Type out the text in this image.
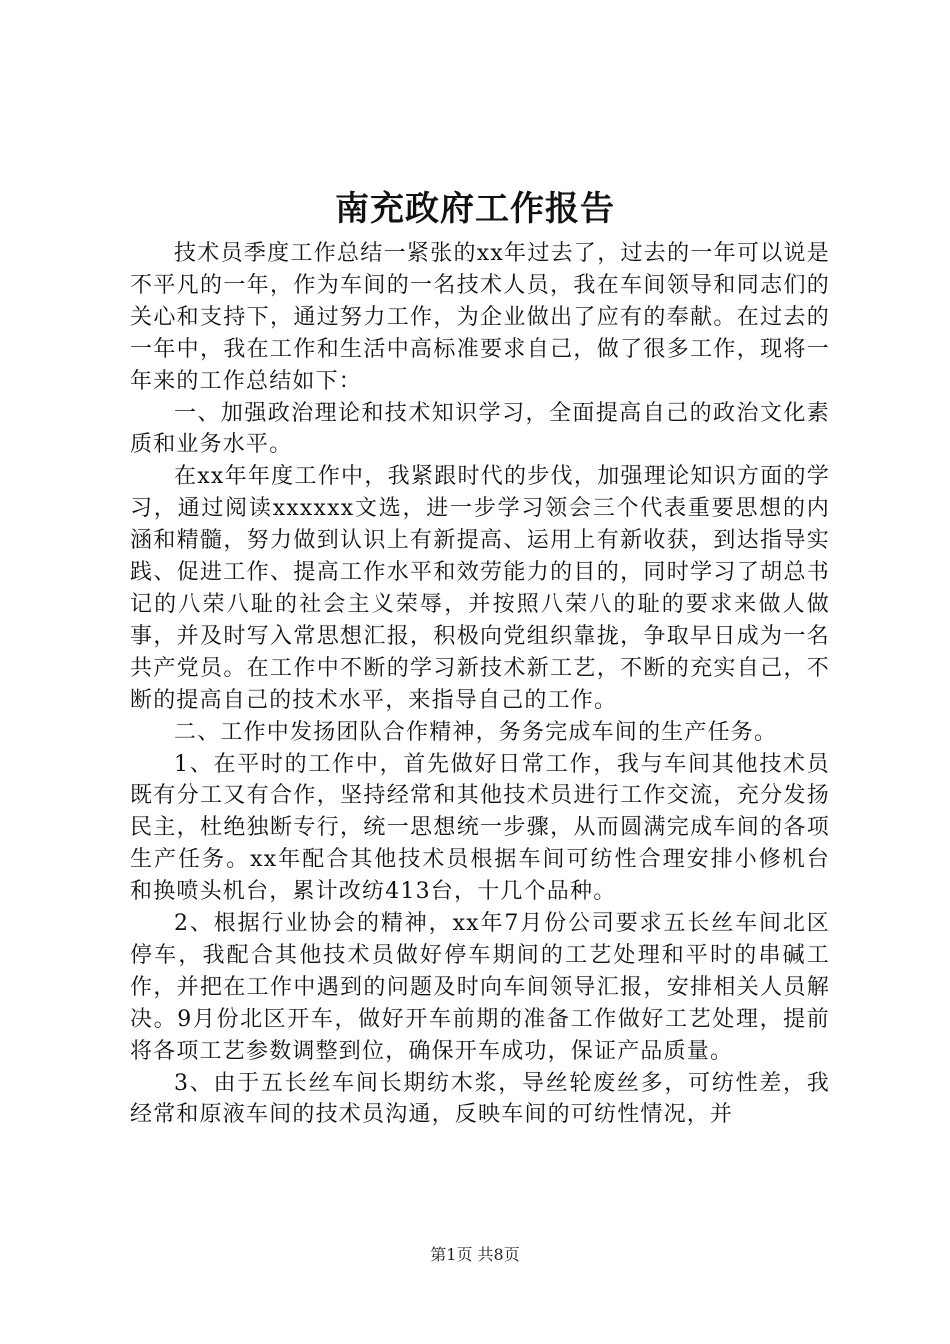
南充政府工作报告

技术员季度工作总结一紧张的xx年过去了，过去的一年可以说是不平凡的一年，作为车间的一名技术人员，我在车间领导和同志们的关心和支持下，通过努力工作，为企业做出了应有的奉献。在过去的一年中，我在工作和生活中高标准要求自己，做了很多工作，现将一年来的工作总结如下：

一、加强政治理论和技术知识学习，全面提高自己的政治文化素质和业务水平。

在xx年年度工作中，我紧跟时代的步伐，加强理论知识方面的学习，通过阅读xxxxxx文选，进一步学习领会三个代表重要思想的内涵和精髓，努力做到认识上有新提高、运用上有新收获，到达指导实践、促进工作、提高工作水平和效劳能力的目的，同时学习了胡总书记的八荣八耻的社会主义荣辱，并按照八荣八的耻的要求来做人做事，并及时写入常思想汇报，积极向党组织靠拢，争取早日成为一名共产党员。在工作中不断的学习新技术新工艺，不断的充实自己，不断的提高自己的技术水平，来指导自己的工作。

二、工作中发扬团队合作精神，务务完成车间的生产任务。

1、在平时的工作中，首先做好日常工作，我与车间其他技术员既有分工又有合作，坚持经常和其他技术员进行工作交流，充分发扬民主，杜绝独断专行，统一思想统一步骤，从而圆满完成车间的各项生产任务。xx年配合其他技术员根据车间可纺性合理安排小修机台和换喷头机台，累计改纺413台，十几个品种。

2、根据行业协会的精神，xx年7月份公司要求五长丝车间北区停车，我配合其他技术员做好停车期间的工艺处理和平时的串碱工作，并把在工作中遇到的问题及时向车间领导汇报，安排相关人员解决。9月份北区开车，做好开车前期的准备工作做好工艺处理，提前将各项工艺参数调整到位，确保开车成功，保证产品质量。

3、由于五长丝车间长期纺木浆，导丝轮废丝多，可纺性差，我经常和原液车间的技术员沟通，反映车间的可纺性情况，并

第1页 共8页
